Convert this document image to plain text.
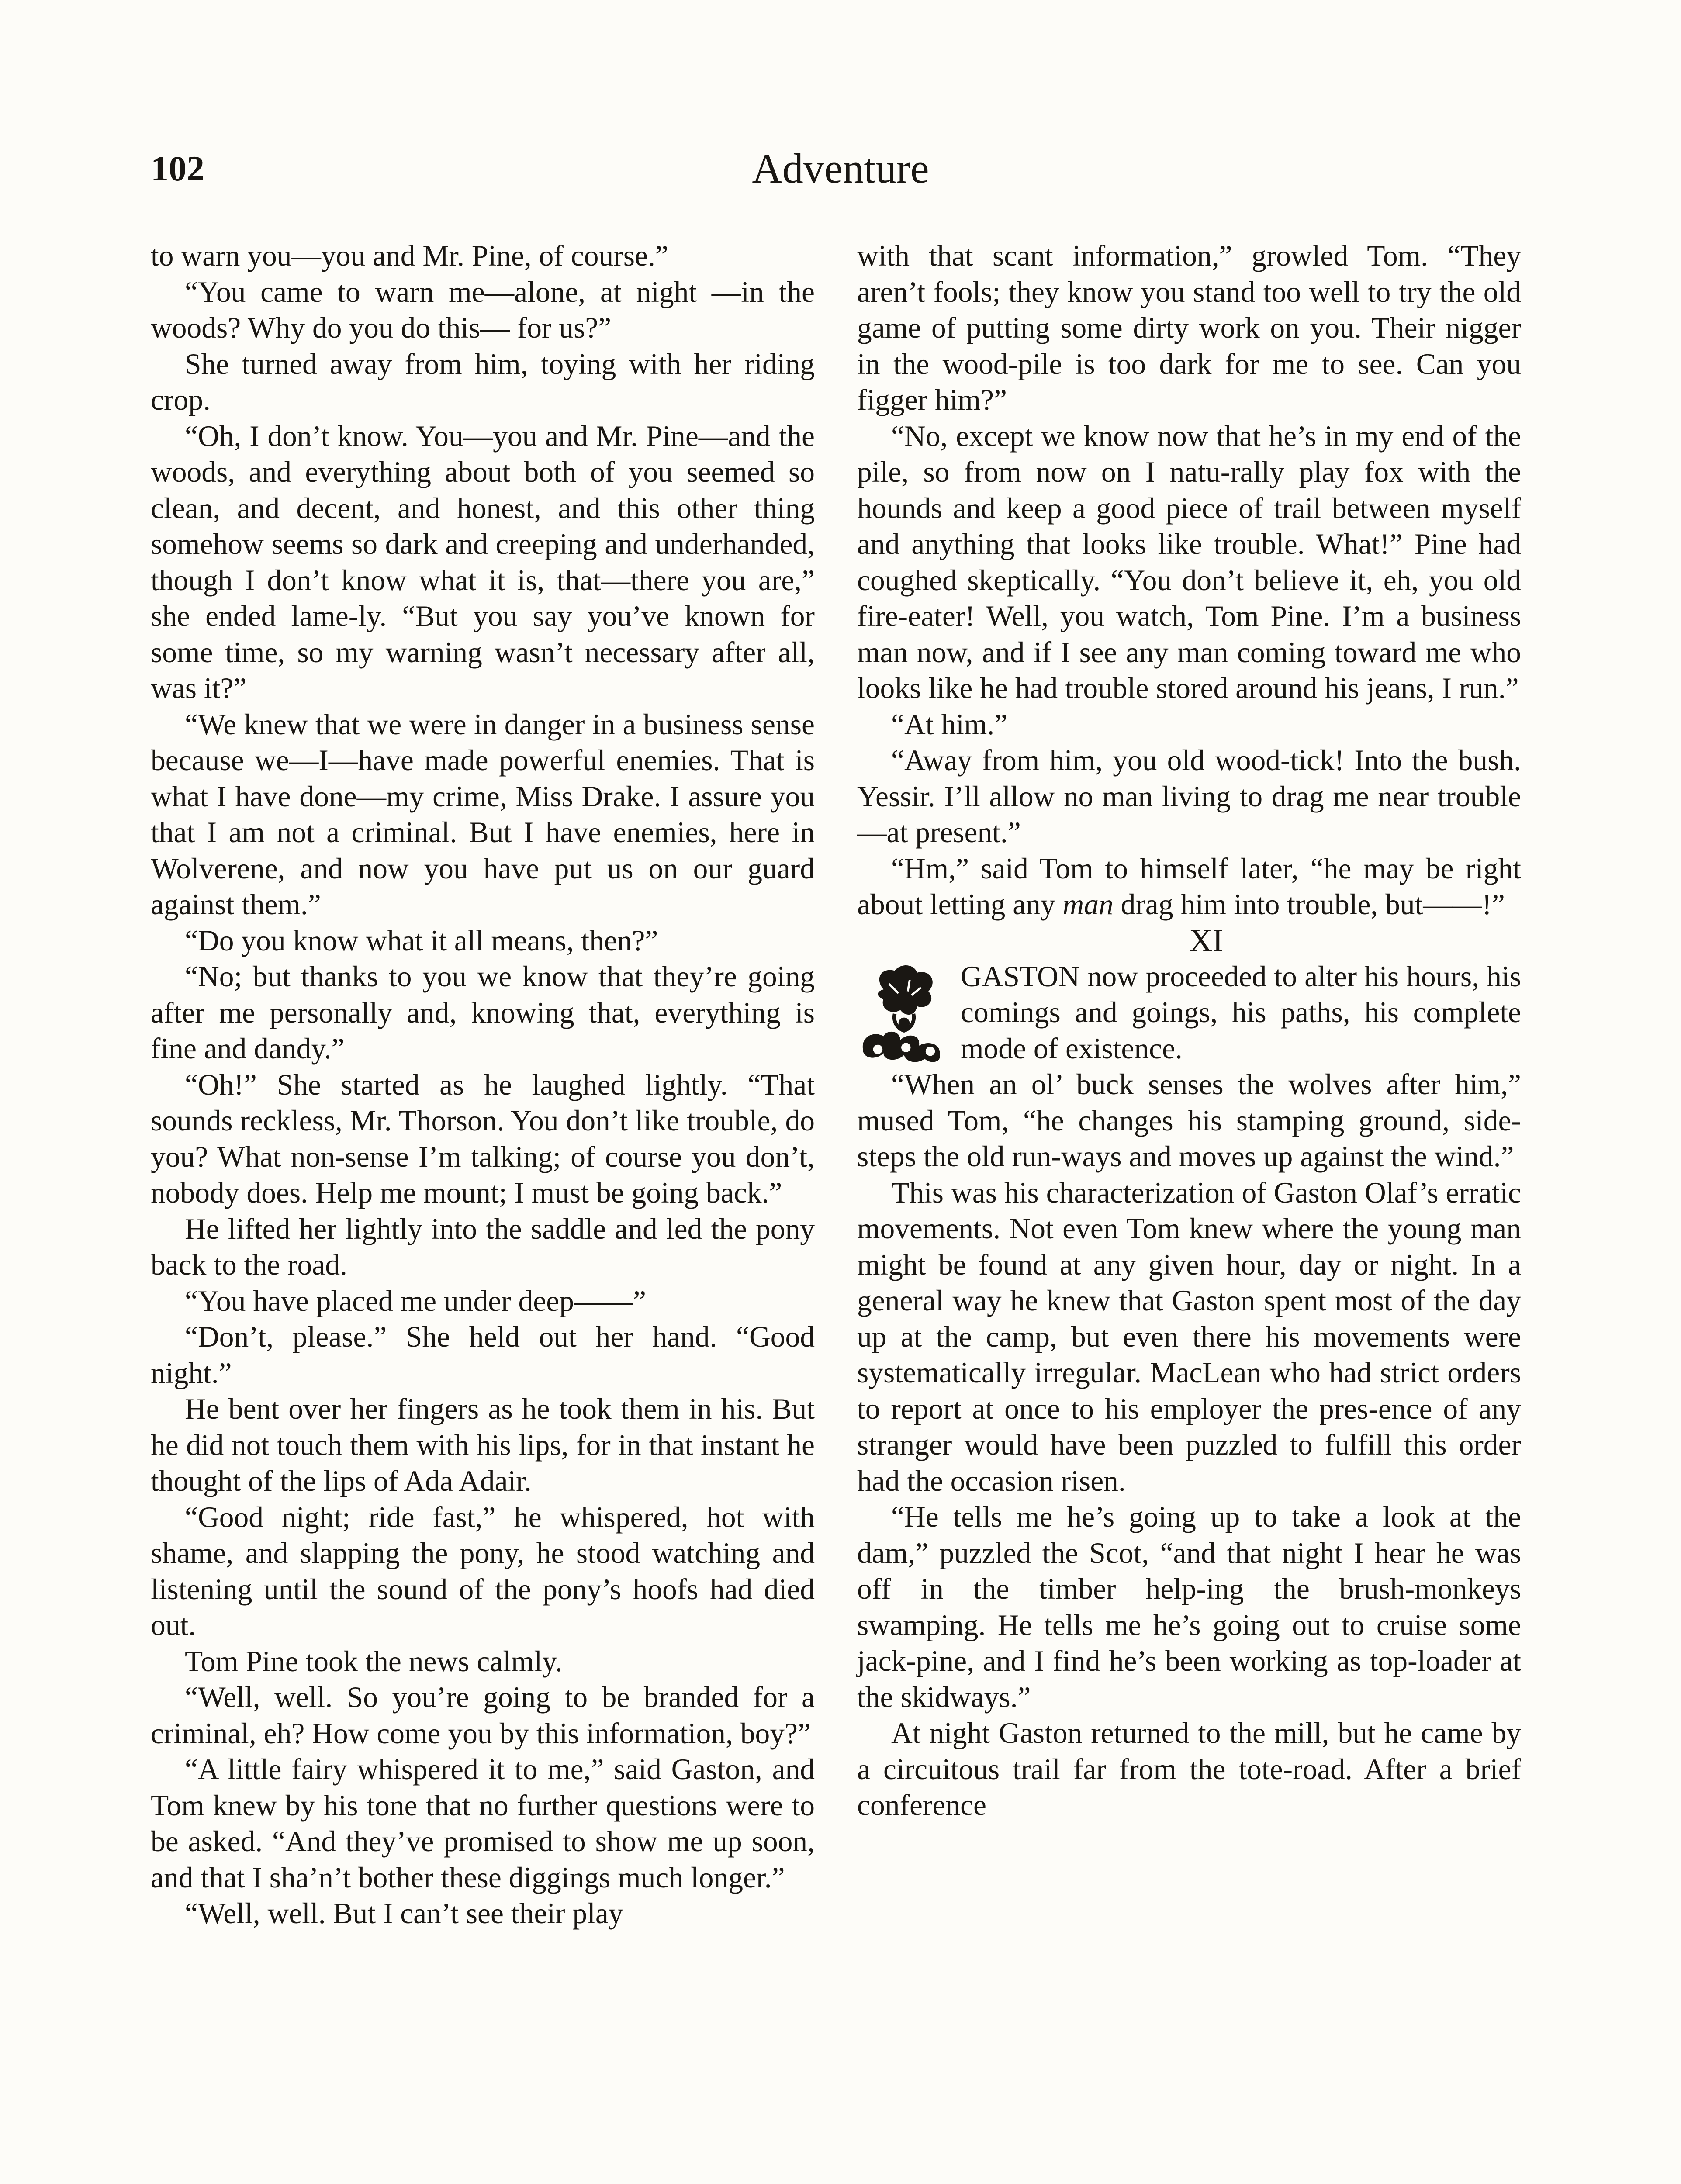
102	Adventure

to warn you—you and Mr. Pine, of course.”

“You came to warn me—alone, at night —in the woods? Why do you do this— for us?”

She turned away from him, toying with her riding crop.

“Oh, I don’t know. You—you and Mr. Pine—and the woods, and everything about both of you seemed so clean, and decent, and honest, and this other thing somehow seems so dark and creeping and underhanded, though I don’t know what it is, that—there you are,” she ended lame-ly. “But you say you’ve known for some time, so my warning wasn’t necessary after all, was it?”

“We knew that we were in danger in a business sense because we—I—have made powerful enemies. That is what I have done—my crime, Miss Drake. I assure you that I am not a criminal. But I have enemies, here in Wolverene, and now you have put us on our guard against them.”

“Do you know what it all means, then?”

“No; but thanks to you we know that they’re going after me personally and, knowing that, everything is fine and dandy.”

“Oh!” She started as he laughed lightly. “That sounds reckless, Mr. Thorson. You don’t like trouble, do you? What non-sense I’m talking; of course you don’t, nobody does. Help me mount; I must be going back.”

He lifted her lightly into the saddle and led the pony back to the road.

“You have placed me under deep——”

“Don’t, please.” She held out her hand. “Good night.”

He bent over her fingers as he took them in his. But he did not touch them with his lips, for in that instant he thought of the lips of Ada Adair.

“Good night; ride fast,” he whispered, hot with shame, and slapping the pony, he stood watching and listening until the sound of the pony’s hoofs had died out.

Tom Pine took the news calmly.

“Well, well. So you’re going to be branded for a criminal, eh? How come you by this information, boy?”

“A little fairy whispered it to me,” said Gaston, and Tom knew by his tone that no further questions were to be asked. “And they’ve promised to show me up soon, and that I sha’n’t bother these diggings much longer.”

“Well, well. But I can’t see their play

with that scant information,” growled Tom. “They aren’t fools; they know you stand too well to try the old game of putting some dirty work on you. Their nigger in the wood-pile is too dark for me to see. Can you figger him?”

“No, except we know now that he’s in my end of the pile, so from now on I natu-rally play fox with the hounds and keep a good piece of trail between myself and anything that looks like trouble. What!” Pine had coughed skeptically. “You don’t believe it, eh, you old fire-eater! Well, you watch, Tom Pine. I’m a business man now, and if I see any man coming toward me who looks like he had trouble stored around his jeans, I run.”

“At him.”

“Away from him, you old wood-tick! Into the bush. Yessir. I’ll allow no man living to drag me near trouble—at present.”

“Hm,” said Tom to himself later, “he may be right about letting any man drag him into trouble, but——!”

XI

GASTON now proceeded to alter his hours, his comings and goings, his paths, his complete mode of existence.

“When an ol’ buck senses the wolves after him,” mused Tom, “he changes his stamping ground, side-steps the old run-ways and moves up against the wind.”

This was his characterization of Gaston Olaf’s erratic movements. Not even Tom knew where the young man might be found at any given hour, day or night. In a general way he knew that Gaston spent most of the day up at the camp, but even there his movements were systematically irregular. MacLean who had strict orders to report at once to his employer the pres-ence of any stranger would have been puzzled to fulfill this order had the occasion risen.

“He tells me he’s going up to take a look at the dam,” puzzled the Scot, “and that night I hear he was off in the timber help-ing the brush-monkeys swamping. He tells me he’s going out to cruise some jack-pine, and I find he’s been working as top-loader at the skidways.”

At night Gaston returned to the mill, but he came by a circuitous trail far from the tote-road. After a brief conference
